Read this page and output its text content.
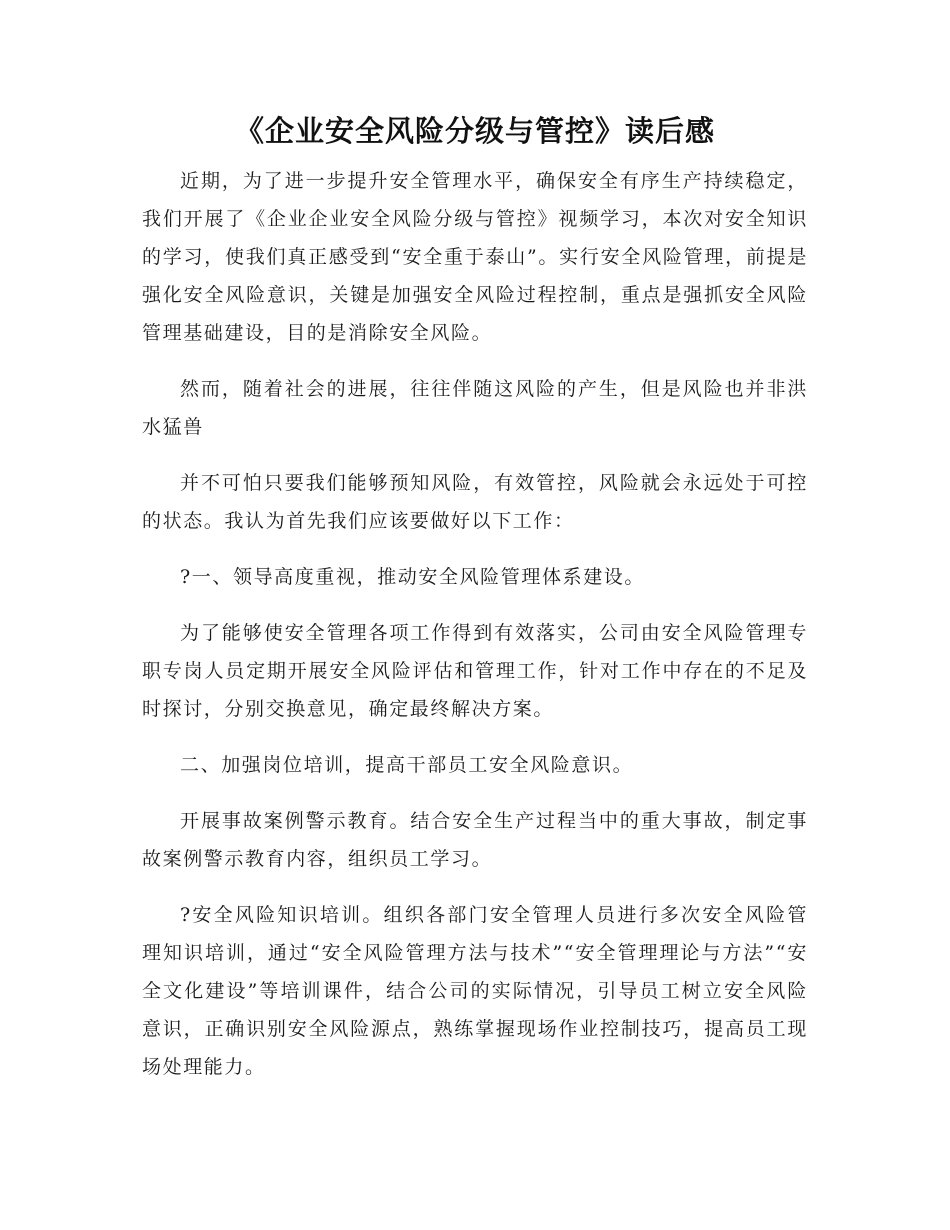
《企业安全风险分级与管控》读后感

近期，为了进一步提升安全管理水平，确保安全有序生产持续稳定，我们开展了《企业企业安全风险分级与管控》视频学习，本次对安全知识的学习，使我们真正感受到“安全重于泰山”。实行安全风险管理，前提是强化安全风险意识，关键是加强安全风险过程控制，重点是强抓安全风险管理基础建设，目的是消除安全风险。

然而，随着社会的进展，往往伴随这风险的产生，但是风险也并非洪水猛兽

并不可怕只要我们能够预知风险，有效管控，风险就会永远处于可控的状态。我认为首先我们应该要做好以下工作：

?一、领导高度重视，推动安全风险管理体系建设。

为了能够使安全管理各项工作得到有效落实，公司由安全风险管理专职专岗人员定期开展安全风险评估和管理工作，针对工作中存在的不足及时探讨，分别交换意见，确定最终解决方案。

二、加强岗位培训，提高干部员工安全风险意识。

开展事故案例警示教育。结合安全生产过程当中的重大事故，制定事故案例警示教育内容，组织员工学习。

?安全风险知识培训。组织各部门安全管理人员进行多次安全风险管理知识培训，通过“安全风险管理方法与技术”“安全管理理论与方法”“安全文化建设”等培训课件，结合公司的实际情况，引导员工树立安全风险意识，正确识别安全风险源点，熟练掌握现场作业控制技巧，提高员工现场处理能力。
